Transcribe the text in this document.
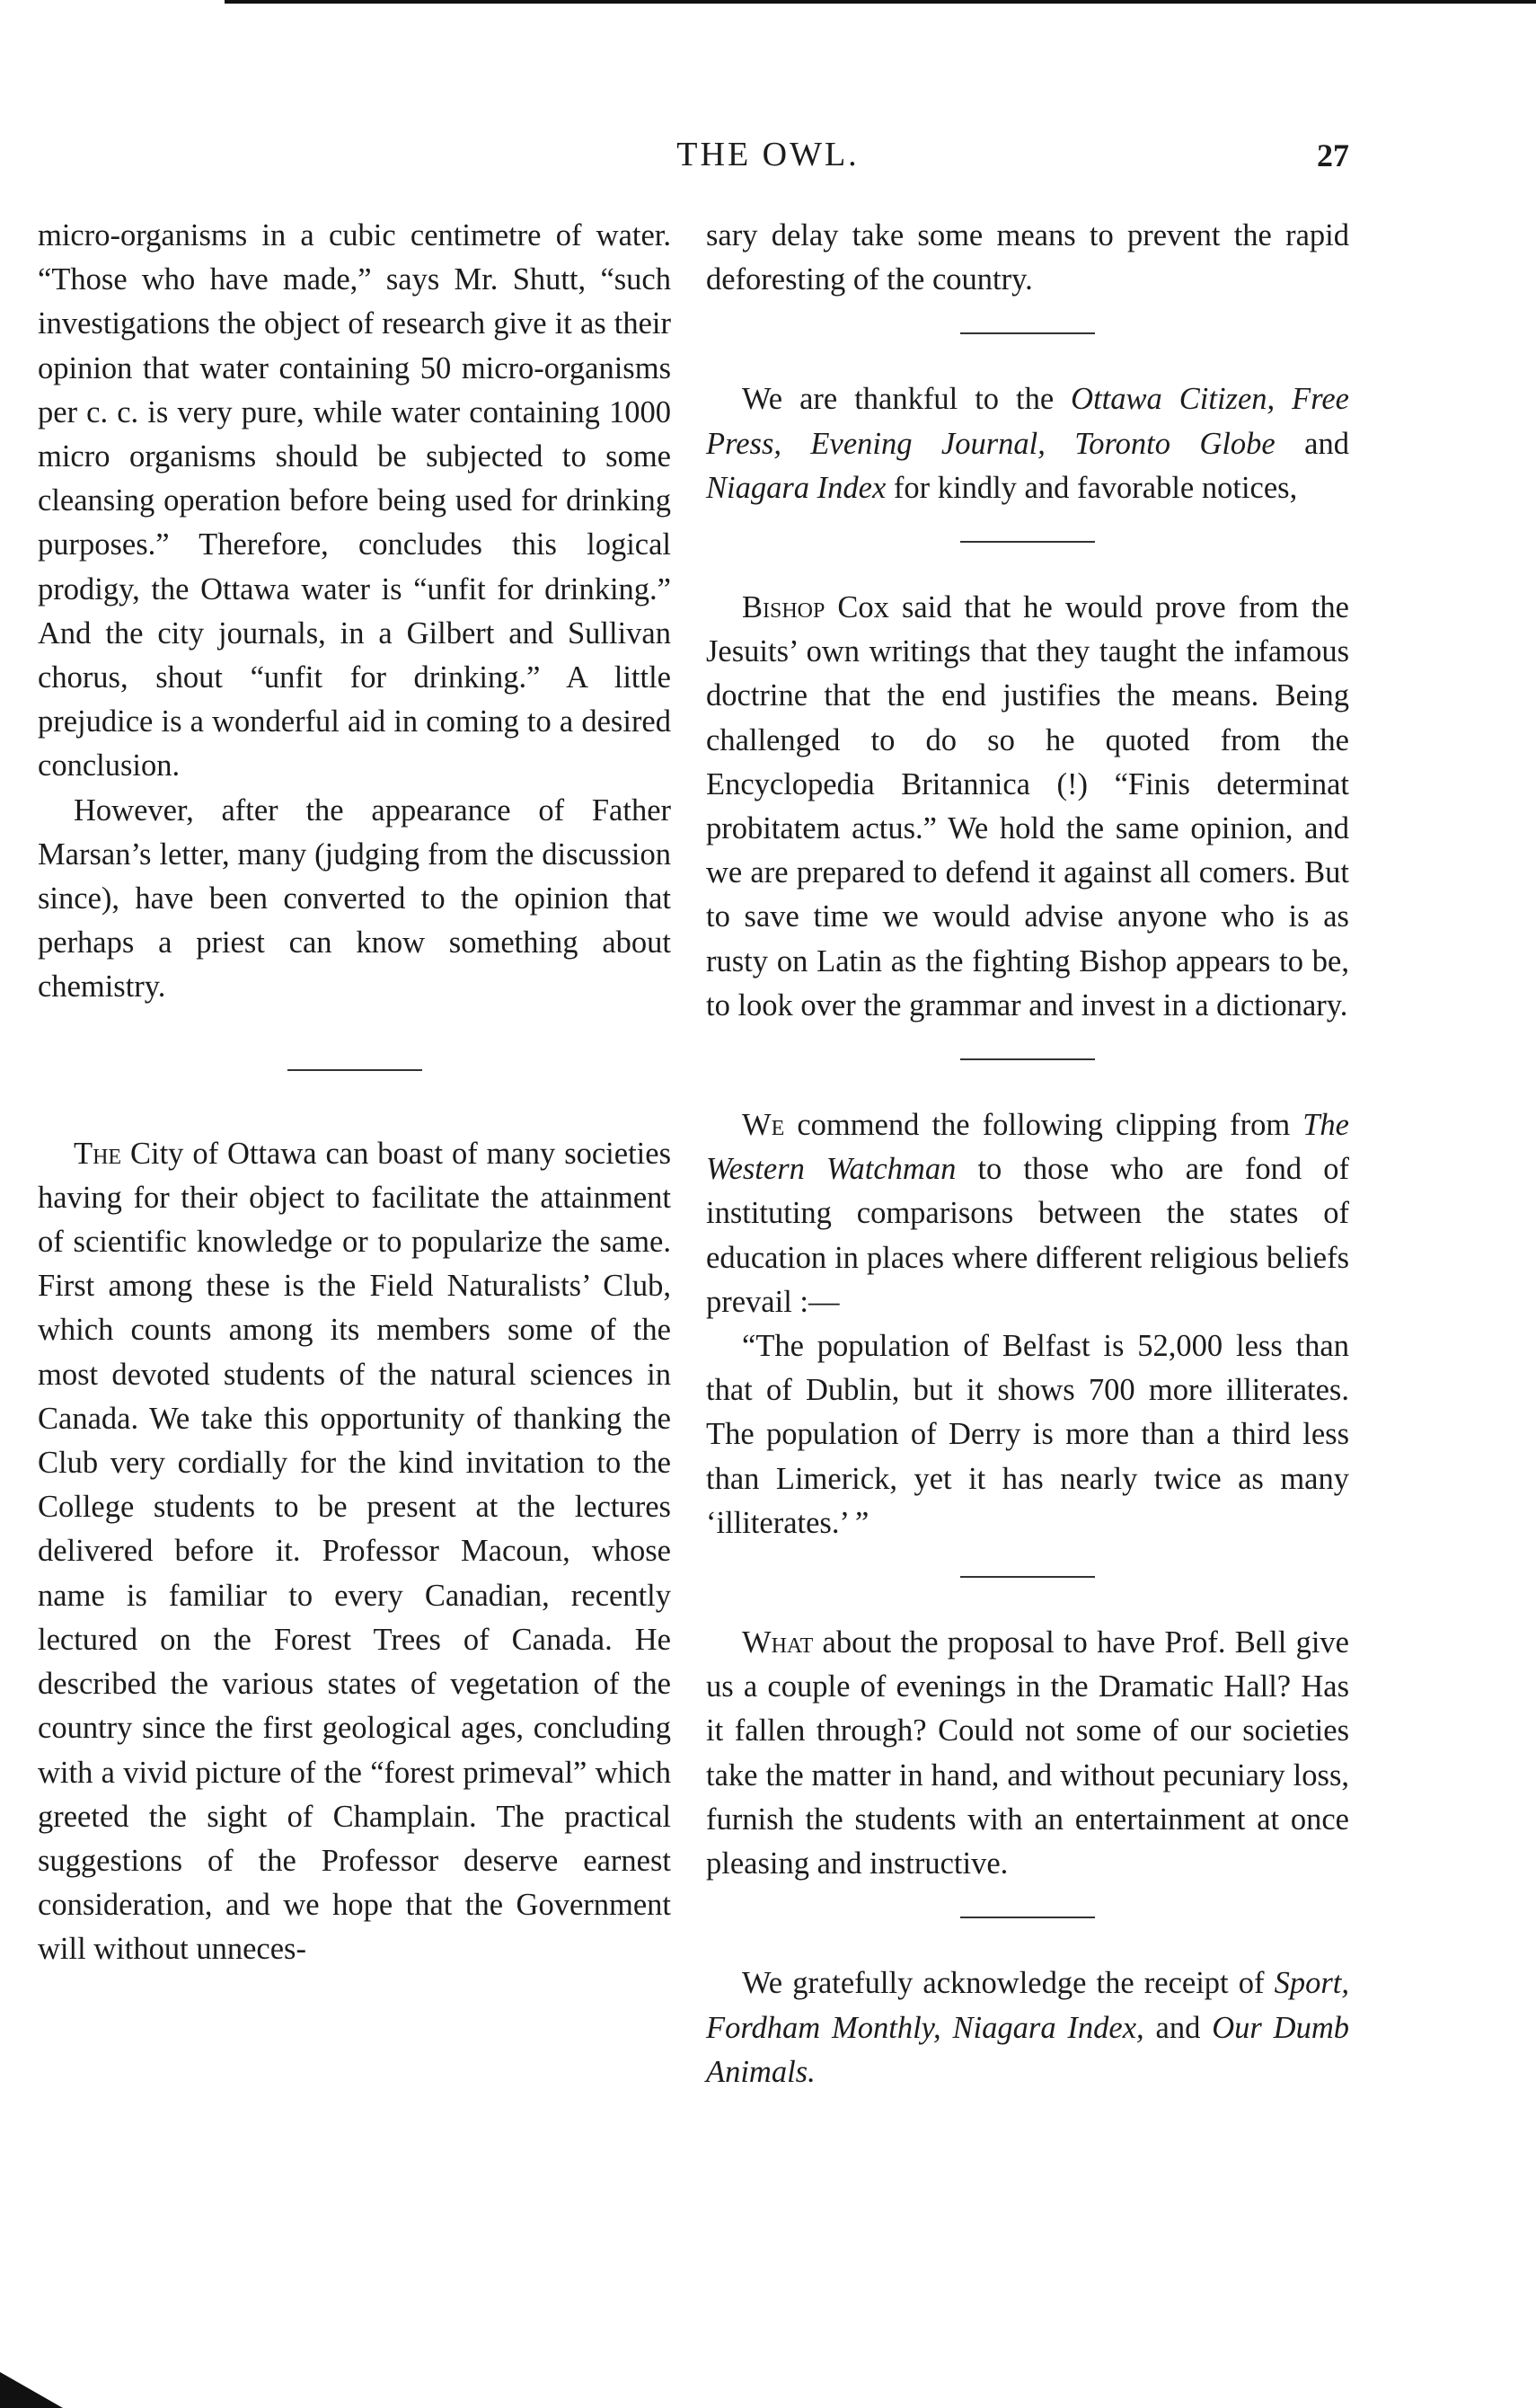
THE OWL.	27

micro-organisms in a cubic centimetre of water. “Those who have made,” says Mr. Shutt, “such investigations the object of research give it as their opinion that water containing 50 micro-organisms per c. c. is very pure, while water containing 1000 micro organisms should be subjected to some cleansing operation before being used for drinking purposes.” Therefore, concludes this logical prodigy, the Ottawa water is “unfit for drinking.” And the city journals, in a Gilbert and Sullivan chorus, shout “unfit for drinking.” A little prejudice is a wonderful aid in coming to a desired conclusion.

However, after the appearance of Father Marsan’s letter, many (judging from the discussion since), have been converted to the opinion that perhaps a priest can know something about chemistry.

The City of Ottawa can boast of many societies having for their object to facilitate the attainment of scientific knowledge or to popularize the same. First among these is the Field Naturalists’ Club, which counts among its members some of the most devoted students of the natural sciences in Canada. We take this opportunity of thanking the Club very cordially for the kind invitation to the College students to be present at the lectures delivered before it. Professor Macoun, whose name is familiar to every Canadian, recently lectured on the Forest Trees of Canada. He described the various states of vegetation of the country since the first geological ages, concluding with a vivid picture of the “forest primeval” which greeted the sight of Champlain. The practical suggestions of the Professor deserve earnest consideration, and we hope that the Government will without unneces-

sary delay take some means to prevent the rapid deforesting of the country.

We are thankful to the Ottawa Citizen, Free Press, Evening Journal, Toronto Globe and Niagara Index for kindly and favorable notices,

Bishop Cox said that he would prove from the Jesuits’ own writings that they taught the infamous doctrine that the end justifies the means. Being challenged to do so he quoted from the Encyclopedia Britannica (!) “Finis determinat probitatem actus.” We hold the same opinion, and we are prepared to defend it against all comers. But to save time we would advise anyone who is as rusty on Latin as the fighting Bishop appears to be, to look over the grammar and invest in a dictionary.

We commend the following clipping from The Western Watchman to those who are fond of instituting comparisons between the states of education in places where different religious beliefs prevail :—

“The population of Belfast is 52,000 less than that of Dublin, but it shows 700 more illiterates. The population of Derry is more than a third less than Limerick, yet it has nearly twice as many ‘illiterates.’ ”

What about the proposal to have Prof. Bell give us a couple of evenings in the Dramatic Hall? Has it fallen through? Could not some of our societies take the matter in hand, and without pecuniary loss, furnish the students with an entertainment at once pleasing and instructive.

We gratefully acknowledge the receipt of Sport, Fordham Monthly, Niagara Index, and Our Dumb Animals.
